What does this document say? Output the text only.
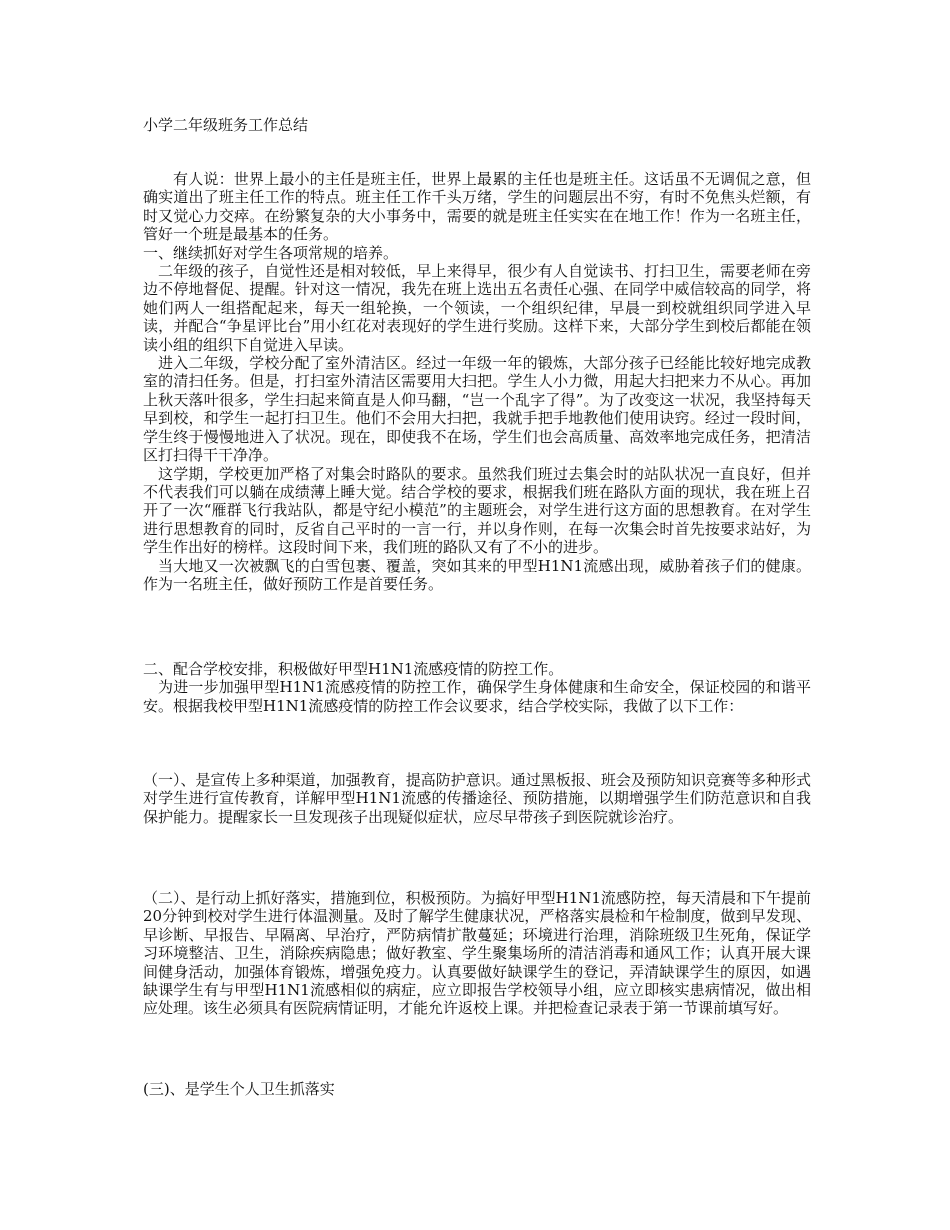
小学二年级班务工作总结

有人说：世界上最小的主任是班主任，世界上最累的主任也是班主任。这话虽不无调侃之意，但确实道出了班主任工作的特点。班主任工作千头万绪，学生的问题层出不穷，有时不免焦头烂额，有时又觉心力交瘁。在纷繁复杂的大小事务中，需要的就是班主任实实在在地工作！作为一名班主任，管好一个班是最基本的任务。

一、继续抓好对学生各项常规的培养。

二年级的孩子，自觉性还是相对较低，早上来得早，很少有人自觉读书、打扫卫生，需要老师在旁边不停地督促、提醒。针对这一情况，我先在班上选出五名责任心强、在同学中威信较高的同学，将她们两人一组搭配起来，每天一组轮换，一个领读，一个组织纪律，早晨一到校就组织同学进入早读，并配合“争星评比台”用小红花对表现好的学生进行奖励。这样下来，大部分学生到校后都能在领读小组的组织下自觉进入早读。

进入二年级，学校分配了室外清洁区。经过一年级一年的锻炼，大部分孩子已经能比较好地完成教室的清扫任务。但是，打扫室外清洁区需要用大扫把。学生人小力微，用起大扫把来力不从心。再加上秋天落叶很多，学生扫起来简直是人仰马翻，“岂一个乱字了得”。为了改变这一状况，我坚持每天早到校，和学生一起打扫卫生。他们不会用大扫把，我就手把手地教他们使用诀窍。经过一段时间，学生终于慢慢地进入了状况。现在，即使我不在场，学生们也会高质量、高效率地完成任务，把清洁区打扫得干干净净。

这学期，学校更加严格了对集会时路队的要求。虽然我们班过去集会时的站队状况一直良好，但并不代表我们可以躺在成绩薄上睡大觉。结合学校的要求，根据我们班在路队方面的现状，我在班上召开了一次“雁群飞行我站队，都是守纪小模范”的主题班会，对学生进行这方面的思想教育。在对学生进行思想教育的同时，反省自己平时的一言一行，并以身作则，在每一次集会时首先按要求站好，为学生作出好的榜样。这段时间下来，我们班的路队又有了不小的进步。

当大地又一次被飘飞的白雪包裹、覆盖，突如其来的甲型H1N1流感出现，威胁着孩子们的健康。作为一名班主任，做好预防工作是首要任务。

二、配合学校安排，积极做好甲型H1N1流感疫情的防控工作。

为进一步加强甲型H1N1流感疫情的防控工作，确保学生身体健康和生命安全，保证校园的和谐平安。根据我校甲型H1N1流感疫情的防控工作会议要求，结合学校实际，我做了以下工作：

（一）、是宣传上多种渠道，加强教育，提高防护意识。通过黑板报、班会及预防知识竞赛等多种形式对学生进行宣传教育，详解甲型H1N1流感的传播途径、预防措施，以期增强学生们防范意识和自我保护能力。提醒家长一旦发现孩子出现疑似症状，应尽早带孩子到医院就诊治疗。

（二）、是行动上抓好落实，措施到位，积极预防。为搞好甲型H1N1流感防控，每天清晨和下午提前20分钟到校对学生进行体温测量。及时了解学生健康状况，严格落实晨检和午检制度，做到早发现、早诊断、早报告、早隔离、早治疗，严防病情扩散蔓延；环境进行治理，消除班级卫生死角，保证学习环境整洁、卫生，消除疾病隐患；做好教室、学生聚集场所的清洁消毒和通风工作；认真开展大课间健身活动，加强体育锻炼，增强免疫力。认真要做好缺课学生的登记，弄清缺课学生的原因，如遇缺课学生有与甲型H1N1流感相似的病症，应立即报告学校领导小组，应立即核实患病情况，做出相应处理。该生必须具有医院病情证明，才能允许返校上课。并把检查记录表于第一节课前填写好。

(三)、是学生个人卫生抓落实
